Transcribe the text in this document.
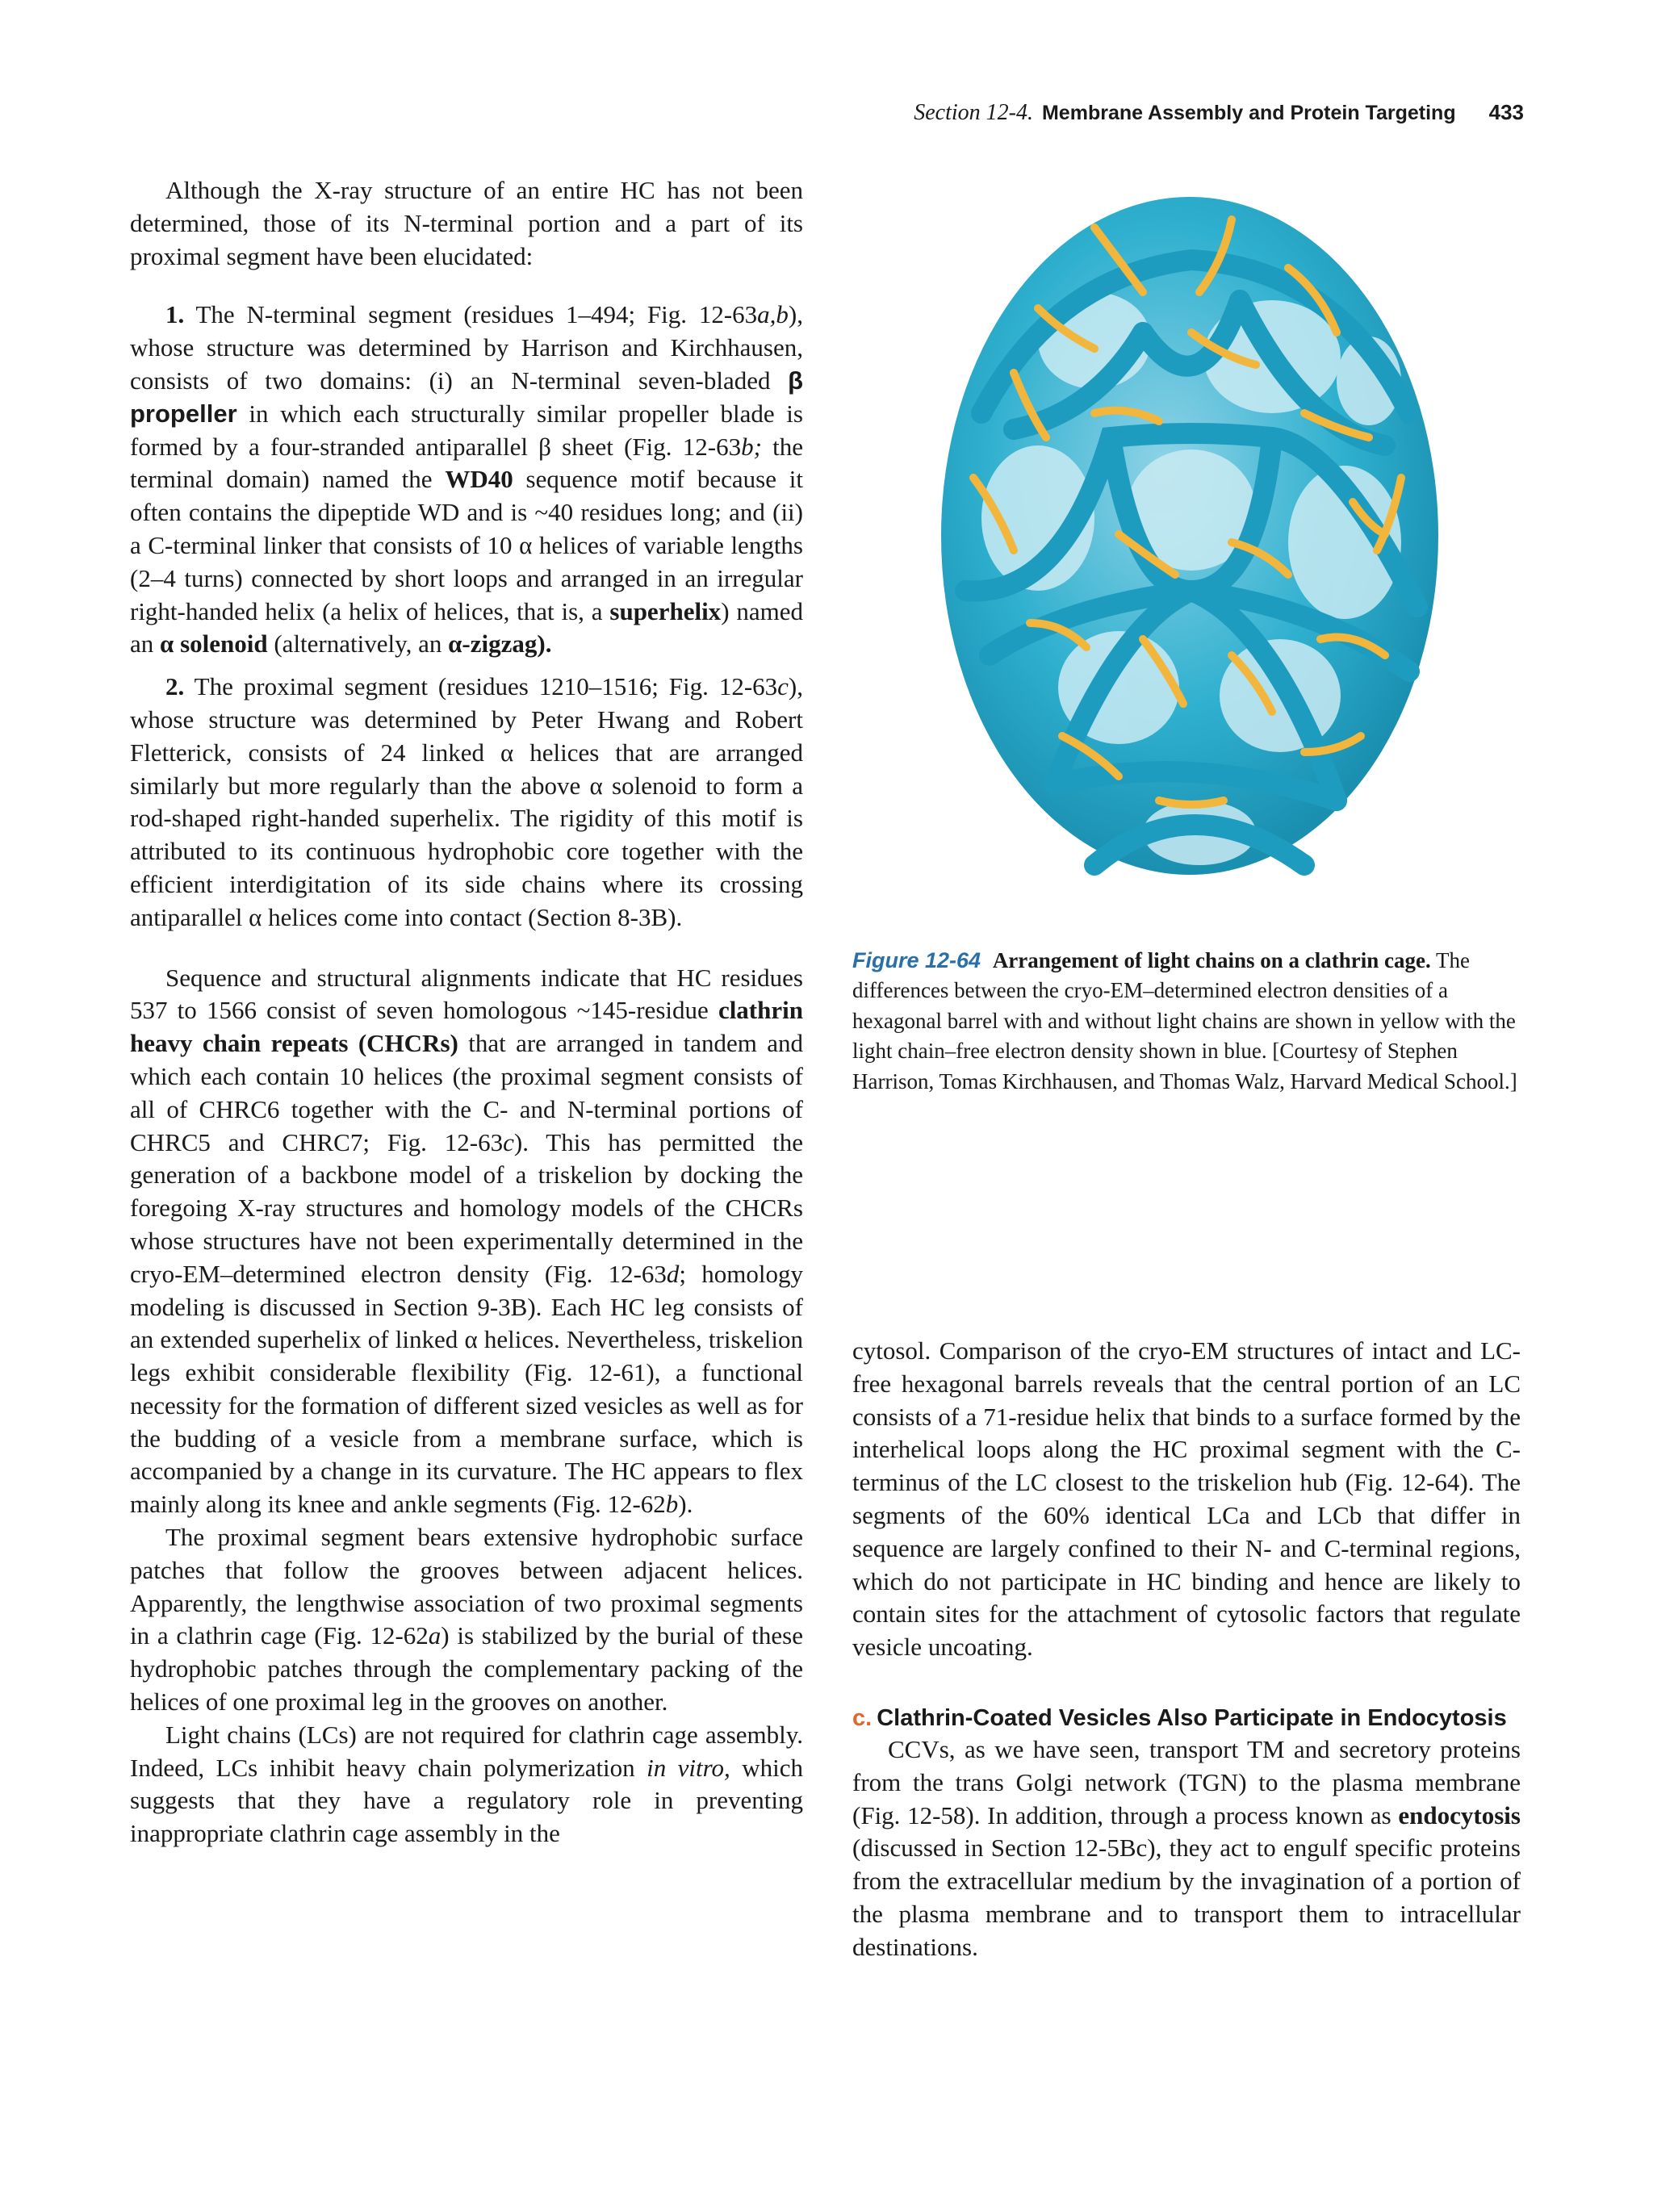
Section 12-4. Membrane Assembly and Protein Targeting 433

Although the X-ray structure of an entire HC has not been determined, those of its N-terminal portion and a part of its proximal segment have been elucidated:

1. The N-terminal segment (residues 1–494; Fig. 12-63a,b), whose structure was determined by Harrison and Kirchhausen, consists of two domains: (i) an N-terminal seven-bladed β propeller in which each structurally similar propeller blade is formed by a four-stranded antiparallel β sheet (Fig. 12-63b; the terminal domain) named the WD40 sequence motif because it often contains the dipeptide WD and is ~40 residues long; and (ii) a C-terminal linker that consists of 10 α helices of variable lengths (2–4 turns) connected by short loops and arranged in an irregular right-handed helix (a helix of helices, that is, a superhelix) named an α solenoid (alternatively, an α-zigzag).

2. The proximal segment (residues 1210–1516; Fig. 12-63c), whose structure was determined by Peter Hwang and Robert Fletterick, consists of 24 linked α helices that are arranged similarly but more regularly than the above α solenoid to form a rod-shaped right-handed superhelix. The rigidity of this motif is attributed to its continuous hydrophobic core together with the efficient interdigitation of its side chains where its crossing antiparallel α helices come into contact (Section 8-3B).

Sequence and structural alignments indicate that HC residues 537 to 1566 consist of seven homologous ~145-residue clathrin heavy chain repeats (CHCRs) that are arranged in tandem and which each contain 10 helices (the proximal segment consists of all of CHRC6 together with the C- and N-terminal portions of CHRC5 and CHRC7; Fig. 12-63c). This has permitted the generation of a backbone model of a triskelion by docking the foregoing X-ray structures and homology models of the CHCRs whose structures have not been experimentally determined in the cryo-EM–determined electron density (Fig. 12-63d; homology modeling is discussed in Section 9-3B). Each HC leg consists of an extended superhelix of linked α helices. Nevertheless, triskelion legs exhibit considerable flexibility (Fig. 12-61), a functional necessity for the formation of different sized vesicles as well as for the budding of a vesicle from a membrane surface, which is accompanied by a change in its curvature. The HC appears to flex mainly along its knee and ankle segments (Fig. 12-62b).

The proximal segment bears extensive hydrophobic surface patches that follow the grooves between adjacent helices. Apparently, the lengthwise association of two proximal segments in a clathrin cage (Fig. 12-62a) is stabilized by the burial of these hydrophobic patches through the complementary packing of the helices of one proximal leg in the grooves on another.

Light chains (LCs) are not required for clathrin cage assembly. Indeed, LCs inhibit heavy chain polymerization in vitro, which suggests that they have a regulatory role in preventing inappropriate clathrin cage assembly in the

Figure 12-64 Arrangement of light chains on a clathrin cage. The differences between the cryo-EM–determined electron densities of a hexagonal barrel with and without light chains are shown in yellow with the light chain–free electron density shown in blue. [Courtesy of Stephen Harrison, Tomas Kirchhausen, and Thomas Walz, Harvard Medical School.]

cytosol. Comparison of the cryo-EM structures of intact and LC-free hexagonal barrels reveals that the central portion of an LC consists of a 71-residue helix that binds to a surface formed by the interhelical loops along the HC proximal segment with the C-terminus of the LC closest to the triskelion hub (Fig. 12-64). The segments of the 60% identical LCa and LCb that differ in sequence are largely confined to their N- and C-terminal regions, which do not participate in HC binding and hence are likely to contain sites for the attachment of cytosolic factors that regulate vesicle uncoating.

c. Clathrin-Coated Vesicles Also Participate in Endocytosis

CCVs, as we have seen, transport TM and secretory proteins from the trans Golgi network (TGN) to the plasma membrane (Fig. 12-58). In addition, through a process known as endocytosis (discussed in Section 12-5Bc), they act to engulf specific proteins from the extracellular medium by the invagination of a portion of the plasma membrane and to transport them to intracellular destinations.
